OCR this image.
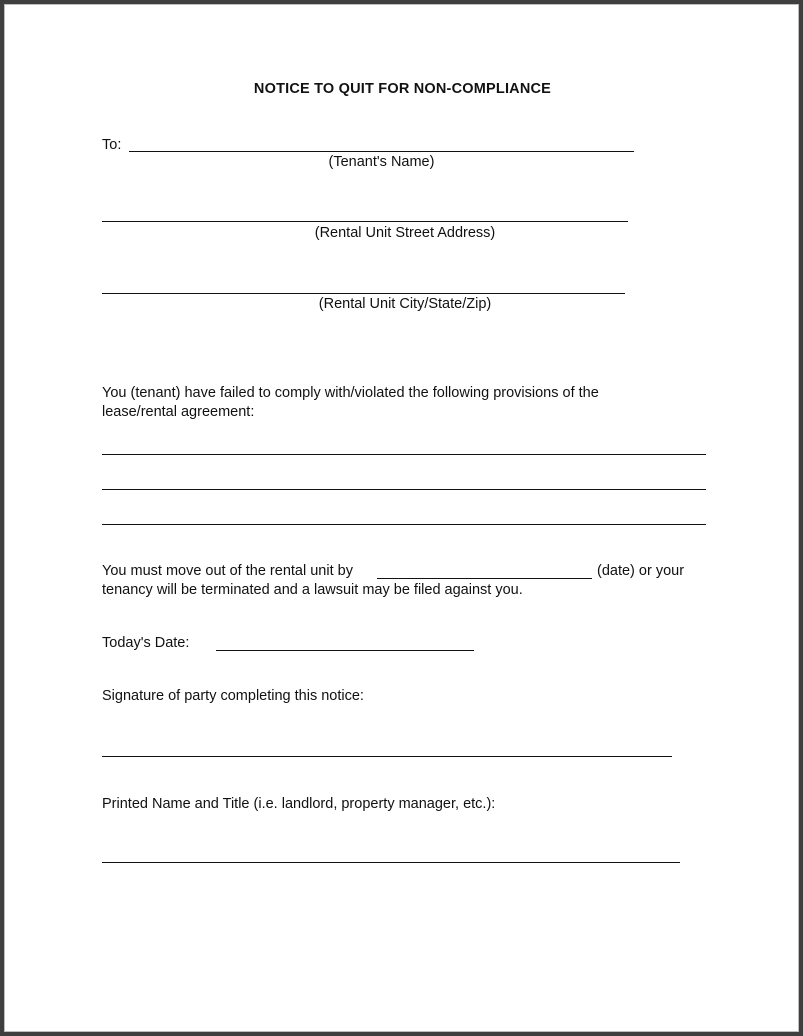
NOTICE TO QUIT FOR NON-COMPLIANCE
To:
(Tenant's Name)
(Rental Unit Street Address)
(Rental Unit City/State/Zip)
You (tenant) have failed to comply with/violated the following provisions of the
lease/rental agreement:
You must move out of the rental unit by	(date) or your
tenancy will be terminated and a lawsuit may be filed against you.
Today's Date:
Signature of party completing this notice:
Printed Name and Title (i.e. landlord, property manager, etc.):
